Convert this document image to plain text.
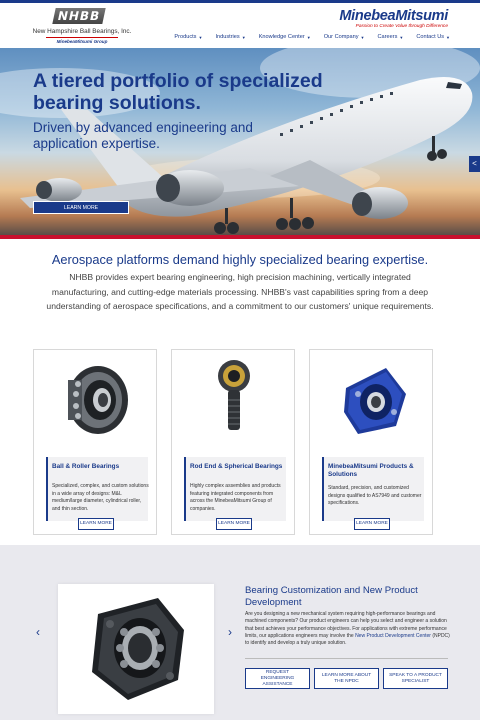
NHBB
New Hampshire Ball Bearings, Inc.
MinebeaMitsumi Group
MinebeaMitsumi
Passion to Create Value through Difference
Products ▼ Industries ▼ Knowledge Center ▼ Our Company ▼ Careers ▼ Contact Us ▼
<
A tiered portfolio of specialized bearing solutions.
Driven by advanced engineering and application expertise.
LEARN MORE
Aerospace platforms demand highly specialized bearing expertise.
NHBB provides expert bearing engineering, high precision machining, vertically integrated manufacturing, and cutting-edge materials processing. NHBB's vast capabilities spring from a deep understanding of aerospace specifications, and a commitment to our customers' unique requirements.
Ball & Roller Bearings
Specialized, complex, and custom solutions in a wide array of designs: M&L medium/large diameter, cylindrical roller, and thin section.
LEARN MORE
Rod End & Spherical Bearings
Highly complex assemblies and products featuring integrated components from across the MinebeaMitsumi Group of companies.
LEARN MORE
MinebeaMitsumi Products & Solutions
Standard, precision, and customized designs qualified to AS7949 and customer specifications.
LEARN MORE
‹	›
Bearing Customization and New Product Development
Are you designing a new mechanical system requiring high-performance bearings and machined components? Our product engineers can help you select and engineer a solution that best achieves your performance objectives. For applications with extreme performance limits, our applications engineers may involve the New Product Development Center (NPDC) to identify and develop a truly unique solution.
REQUEST ENGINEERING ASSISTANCE
LEARN MORE ABOUT THE NPDC
SPEAK TO A PRODUCT SPECIALIST
